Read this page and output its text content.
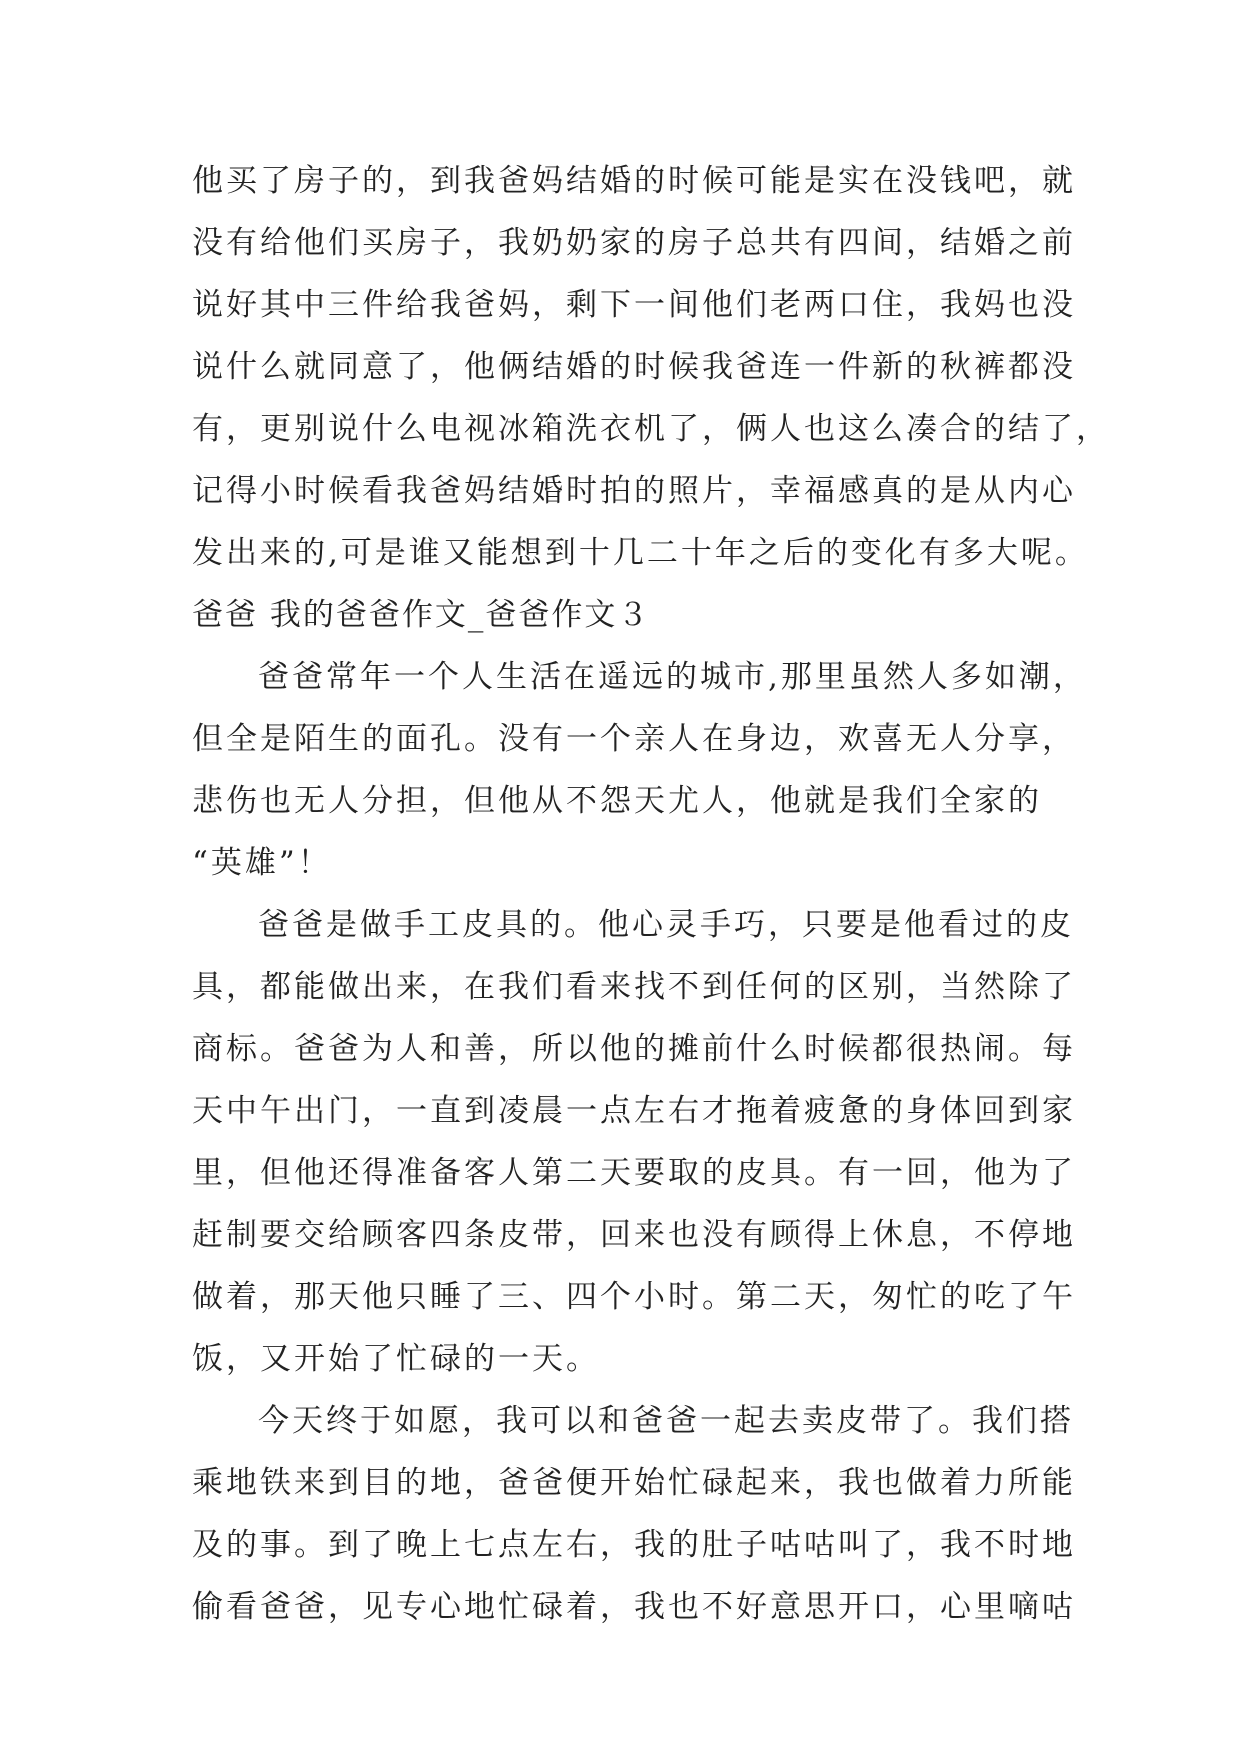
他买了房子的，到我爸妈结婚的时候可能是实在没钱吧，就
没有给他们买房子，我奶奶家的房子总共有四间，结婚之前
说好其中三件给我爸妈，剩下一间他们老两口住，我妈也没
说什么就同意了，他俩结婚的时候我爸连一件新的秋裤都没
有，更别说什么电视冰箱洗衣机了，俩人也这么凑合的结了，
记得小时候看我爸妈结婚时拍的照片，幸福感真的是从内心
发出来的,可是谁又能想到十几二十年之后的变化有多大呢。
爸爸 我的爸爸作文_爸爸作文３
爸爸常年一个人生活在遥远的城市,那里虽然人多如潮，
但全是陌生的面孔。没有一个亲人在身边，欢喜无人分享，
悲伤也无人分担，但他从不怨天尤人，他就是我们全家的
“英雄”！
爸爸是做手工皮具的。他心灵手巧，只要是他看过的皮
具，都能做出来，在我们看来找不到任何的区别，当然除了
商标。爸爸为人和善，所以他的摊前什么时候都很热闹。每
天中午出门，一直到凌晨一点左右才拖着疲惫的身体回到家
里，但他还得准备客人第二天要取的皮具。有一回，他为了
赶制要交给顾客四条皮带，回来也没有顾得上休息，不停地
做着，那天他只睡了三、四个小时。第二天，匆忙的吃了午
饭，又开始了忙碌的一天。
今天终于如愿，我可以和爸爸一起去卖皮带了。我们搭
乘地铁来到目的地，爸爸便开始忙碌起来，我也做着力所能
及的事。到了晚上七点左右，我的肚子咕咕叫了，我不时地
偷看爸爸，见专心地忙碌着，我也不好意思开口，心里嘀咕
